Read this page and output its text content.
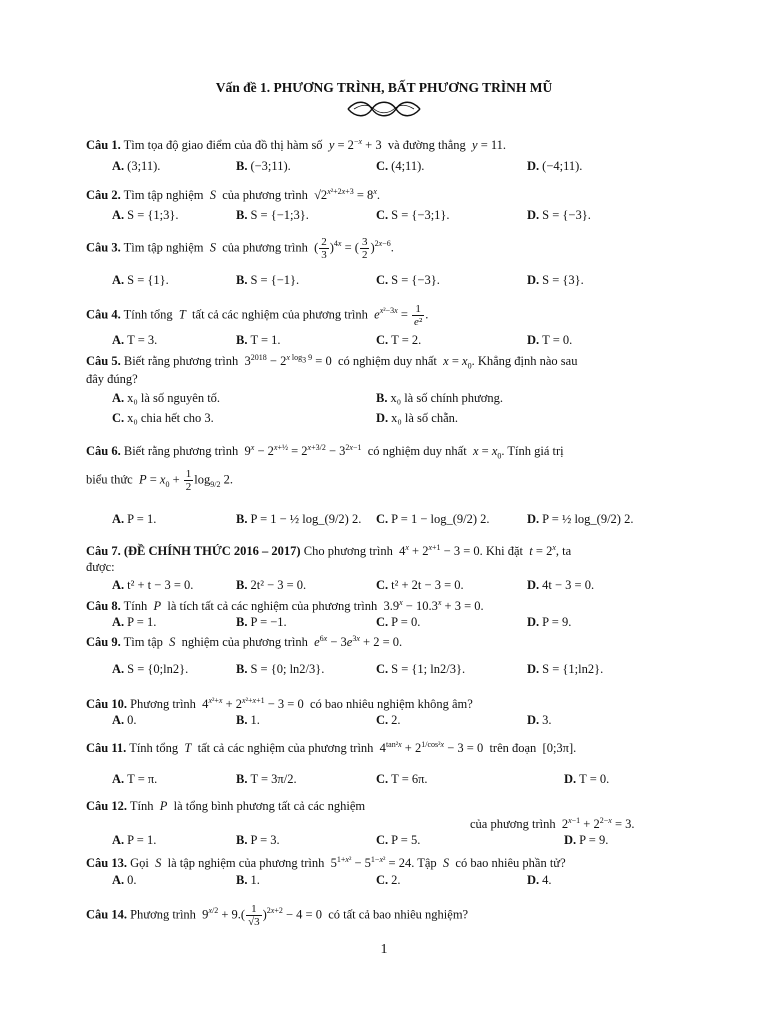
Vấn đề 1. PHƯƠNG TRÌNH, BẤT PHƯƠNG TRÌNH MŨ
Câu 1. Tìm tọa độ giao điểm của đồ thị hàm số  $y = 2^{-x} + 3$  và đường thẳng  y = 11.
A. (3;11).	B. (−3;11).	C. (4;11).	D. (−4;11).
Câu 2. Tìm tập nghiệm  S  của phương trình  $√2^{x^2+2x+3} = 8^x$.
A. S = {1;3}.	B. S = {−1;3}.	C. S = {−3;1}.	D. S = {−3}.
Câu 3. Tìm tập nghiệm  S  của phương trình  ( $\frac{2}{3} )^{4x}$ = ( $\frac{3}{2} )^{2x-6}$.
A. S = {1}.	B. S = {−1}.	C. S = {−3}.	D. S = {3}.
Câu 4. Tính tổng  T  tất cả các nghiệm của phương trình  $e^{x^2-3x} = \frac{1}{\text{e²}}$ .
A. T = 3.	B. T = 1.	C. T = 2.	D. T = 0.
Câu 5. Biết rằng phương trình  $3^{2018} - 2^{x log_3 9} = 0$  có nghiệm duy nhất  $x = x_0$. Khẳng định nào sau
đây đúng?
A. x₀ là số nguyên tố.	B. x₀ là số chính phương.
C. x₀ chia hết cho 3.	D. x₀ là số chẵn.
Câu 6. Biết rằng phương trình  $9^x - 2^{x+\frac{1}{2}} = 2^{x+3/2} - 3^{2x-1}$  có nghiệm duy nhất  $x = x_0$. Tính giá trị
biểu thức  $P = x_0 + \frac{1}{2} \log_{9/2} 2$.
A. P = 1.	B. P = 1 − ½ log_(9/2) 2. C. P = 1 − log_(9/2) 2.	D. P = ½ log_(9/2) 2.
Câu 7. (ĐỀ CHÍNH THỨC 2016 – 2017) Cho phương trình  $4^x + 2^{x+1} - 3 = 0$. Khi đặt  $t = 2^x$, ta
được:
A. t² + t − 3 = 0.	B. 2t² − 3 = 0.	C. t² + 2t − 3 = 0.	D. 4t − 3 = 0.
Câu 8. Tính  P  là tích tất cả các nghiệm của phương trình  $3.9^x - 10.3^x + 3 = 0$.
A. P = 1.	B. P = −1.	C. P = 0.	D. P = 9.
Câu 9. Tìm tập  S  nghiệm của phương trình  $e^{6x} - 3e^{3x} + 2 = 0$.
A. S = {0;ln2}.	B. S = {0; ln2/3}.	C. S = {1; ln2/3}.	D. S = {1;ln2}.
Câu 10. Phương trình  $4^{x^2+x} + 2^{x^2+x+1} - 3 = 0$  có bao nhiêu nghiệm không âm?
A. 0.	B. 1.	C. 2.	D. 3.
Câu 11. Tính tổng  T  tất cả các nghiệm của phương trình  $4^{tan^2x} + 2^{1/cos^2x} - 3 = 0$  trên đoạn  [0;3π].
A. T = π.	B. T = 3π/2.	C. T = 6π.	D. T = 0.
Câu 12. Tính  P  là tổng bình phương tất cả các nghiệm
của phương trình  $2^{x-1} + 2^{2-x} = 3$.
A. P = 1.	B. P = 3.	C. P = 5.	D. P = 9.
Câu 13. Gọi  S  là tập nghiệm của phương trình  $5^{1+x^2} - 5^{1-x^2} = 24$. Tập  S  có bao nhiêu phần tử?
A. 0.	B. 1.	C. 2.	D. 4.
Câu 14. Phương trình  $9^{x/2} + 9.( \frac{1}{√3} )^{2x+2} - 4 = 0$  có tất cả bao nhiêu nghiệm?
1
